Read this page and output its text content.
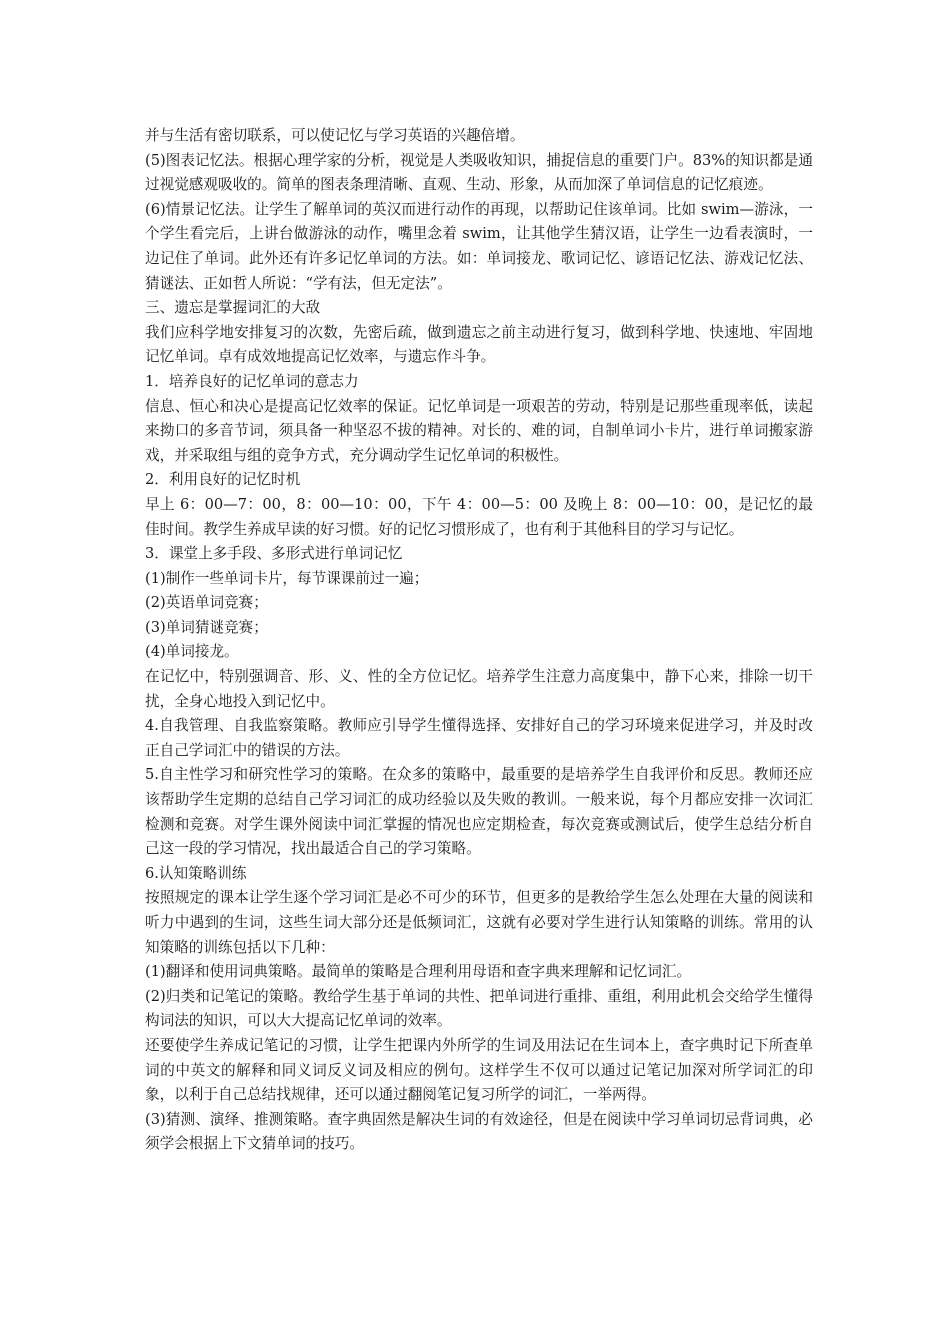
并与生活有密切联系，可以使记忆与学习英语的兴趣倍增。

(5)图表记忆法。根据心理学家的分析，视觉是人类吸收知识，捕捉信息的重要门户。83%的知识都是通过视觉感观吸收的。简单的图表条理清晰、直观、生动、形象，从而加深了单词信息的记忆痕迹。

(6)情景记忆法。让学生了解单词的英汉而进行动作的再现，以帮助记住该单词。比如 swim—游泳，一个学生看完后，上讲台做游泳的动作，嘴里念着 swim，让其他学生猜汉语，让学生一边看表演时，一边记住了单词。此外还有许多记忆单词的方法。如：单词接龙、歌词记忆、谚语记忆法、游戏记忆法、猜谜法、正如哲人所说：“学有法，但无定法”。

三、遗忘是掌握词汇的大敌

我们应科学地安排复习的次数，先密后疏，做到遗忘之前主动进行复习，做到科学地、快速地、牢固地记忆单词。卓有成效地提高记忆效率，与遗忘作斗争。

1．培养良好的记忆单词的意志力

信息、恒心和决心是提高记忆效率的保证。记忆单词是一项艰苦的劳动，特别是记那些重现率低，读起来拗口的多音节词，须具备一种坚忍不拔的精神。对长的、难的词，自制单词小卡片，进行单词搬家游戏，并采取组与组的竞争方式，充分调动学生记忆单词的积极性。

2．利用良好的记忆时机

早上 6：00—7：00，8：00—10：00，下午 4：00—5：00 及晚上 8：00—10：00，是记忆的最佳时间。教学生养成早读的好习惯。好的记忆习惯形成了，也有利于其他科目的学习与记忆。

3．课堂上多手段、多形式进行单词记忆

(1)制作一些单词卡片，每节课课前过一遍；

(2)英语单词竞赛；

(3)单词猜谜竞赛；

(4)单词接龙。

在记忆中，特别强调音、形、义、性的全方位记忆。培养学生注意力高度集中，静下心来，排除一切干扰，全身心地投入到记忆中。

4.自我管理、自我监察策略。教师应引导学生懂得选择、安排好自己的学习环境来促进学习，并及时改正自己学词汇中的错误的方法。

5.自主性学习和研究性学习的策略。在众多的策略中，最重要的是培养学生自我评价和反思。教师还应该帮助学生定期的总结自己学习词汇的成功经验以及失败的教训。一般来说，每个月都应安排一次词汇检测和竞赛。对学生课外阅读中词汇掌握的情况也应定期检查，每次竞赛或测试后，使学生总结分析自己这一段的学习情况，找出最适合自己的学习策略。

6.认知策略训练

按照规定的课本让学生逐个学习词汇是必不可少的环节，但更多的是教给学生怎么处理在大量的阅读和听力中遇到的生词，这些生词大部分还是低频词汇，这就有必要对学生进行认知策略的训练。常用的认知策略的训练包括以下几种：

(1)翻译和使用词典策略。最简单的策略是合理利用母语和查字典来理解和记忆词汇。

(2)归类和记笔记的策略。教给学生基于单词的共性、把单词进行重排、重组，利用此机会交给学生懂得构词法的知识，可以大大提高记忆单词的效率。

还要使学生养成记笔记的习惯，让学生把课内外所学的生词及用法记在生词本上，查字典时记下所查单词的中英文的解释和同义词反义词及相应的例句。这样学生不仅可以通过记笔记加深对所学词汇的印象，以利于自己总结找规律，还可以通过翻阅笔记复习所学的词汇，一举两得。

(3)猜测、演绎、推测策略。查字典固然是解决生词的有效途径，但是在阅读中学习单词切忌背词典，必须学会根据上下文猜单词的技巧。
